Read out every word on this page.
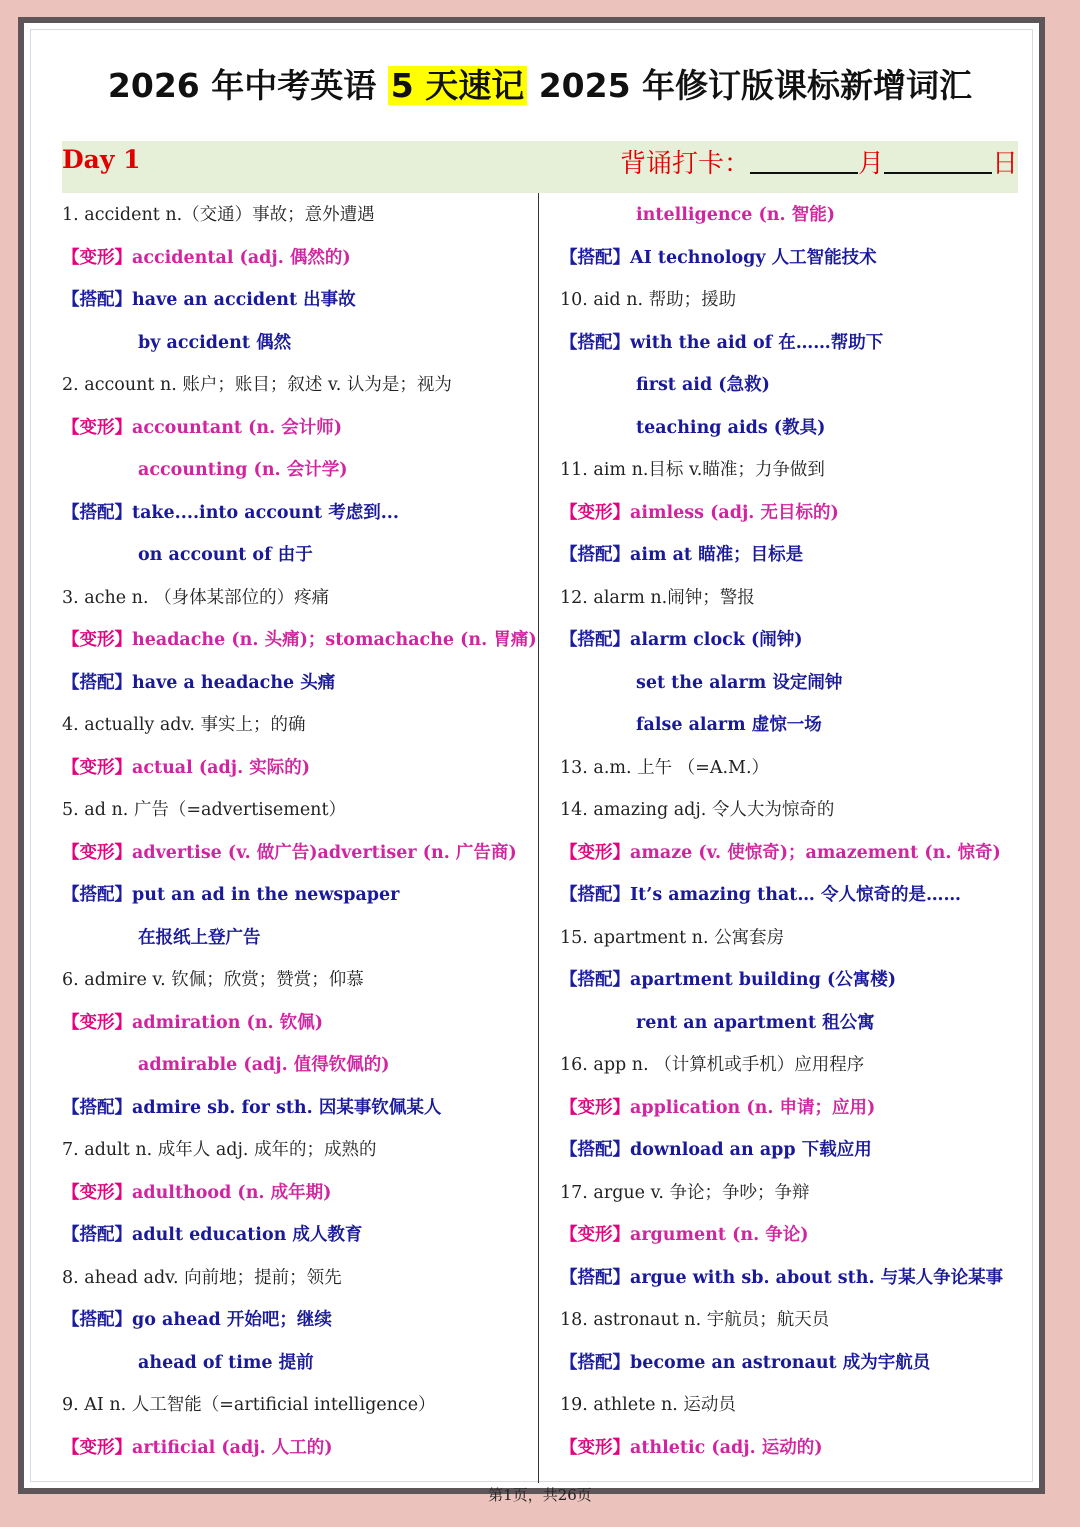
2026 年中考英语 5 天速记 2025 年修订版课标新增词汇
Day 1	背诵打卡：	月	日
1. accident n.（交通）事故；意外遭遇
【变形】accidental (adj. 偶然的)
【搭配】have an accident 出事故
by accident 偶然
2. account n. 账户；账目；叙述 v. 认为是；视为
【变形】accountant (n. 会计师)
accounting (n. 会计学)
【搭配】take....into account 考虑到...
on account of 由于
3. ache n. （身体某部位的）疼痛
【变形】headache (n. 头痛)；stomachache (n. 胃痛)
【搭配】have a headache 头痛
4. actually adv. 事实上；的确
【变形】actual (adj. 实际的)
5. ad n. 广告（=advertisement）
【变形】advertise (v. 做广告)advertiser (n. 广告商)
【搭配】put an ad in the newspaper
在报纸上登广告
6. admire v. 钦佩；欣赏；赞赏；仰慕
【变形】admiration (n. 钦佩)
admirable (adj. 值得钦佩的)
【搭配】admire sb. for sth. 因某事钦佩某人
7. adult n. 成年人 adj. 成年的；成熟的
【变形】adulthood (n. 成年期)
【搭配】adult education 成人教育
8. ahead adv. 向前地；提前；领先
【搭配】go ahead 开始吧；继续
ahead of time 提前
9. AI n. 人工智能（=artificial intelligence）
【变形】artificial (adj. 人工的)
intelligence (n. 智能)
【搭配】AI technology 人工智能技术
10. aid n. 帮助；援助
【搭配】with the aid of 在……帮助下
first aid (急救)
teaching aids (教具)
11. aim n.目标 v.瞄准；力争做到
【变形】aimless (adj. 无目标的)
【搭配】aim at 瞄准；目标是
12. alarm n.闹钟；警报
【搭配】alarm clock (闹钟)
set the alarm 设定闹钟
false alarm 虚惊一场
13. a.m. 上午 （=A.M.）
14. amazing adj. 令人大为惊奇的
【变形】amaze (v. 使惊奇)；amazement (n. 惊奇)
【搭配】It’s amazing that… 令人惊奇的是……
15. apartment n. 公寓套房
【搭配】apartment building (公寓楼)
rent an apartment 租公寓
16. app n. （计算机或手机）应用程序
【变形】application (n. 申请；应用)
【搭配】download an app 下载应用
17. argue v. 争论；争吵；争辩
【变形】argument (n. 争论)
【搭配】argue with sb. about sth. 与某人争论某事
18. astronaut n. 宇航员；航天员
【搭配】become an astronaut 成为宇航员
19. athlete n. 运动员
【变形】athletic (adj. 运动的)
第1页，共26页
